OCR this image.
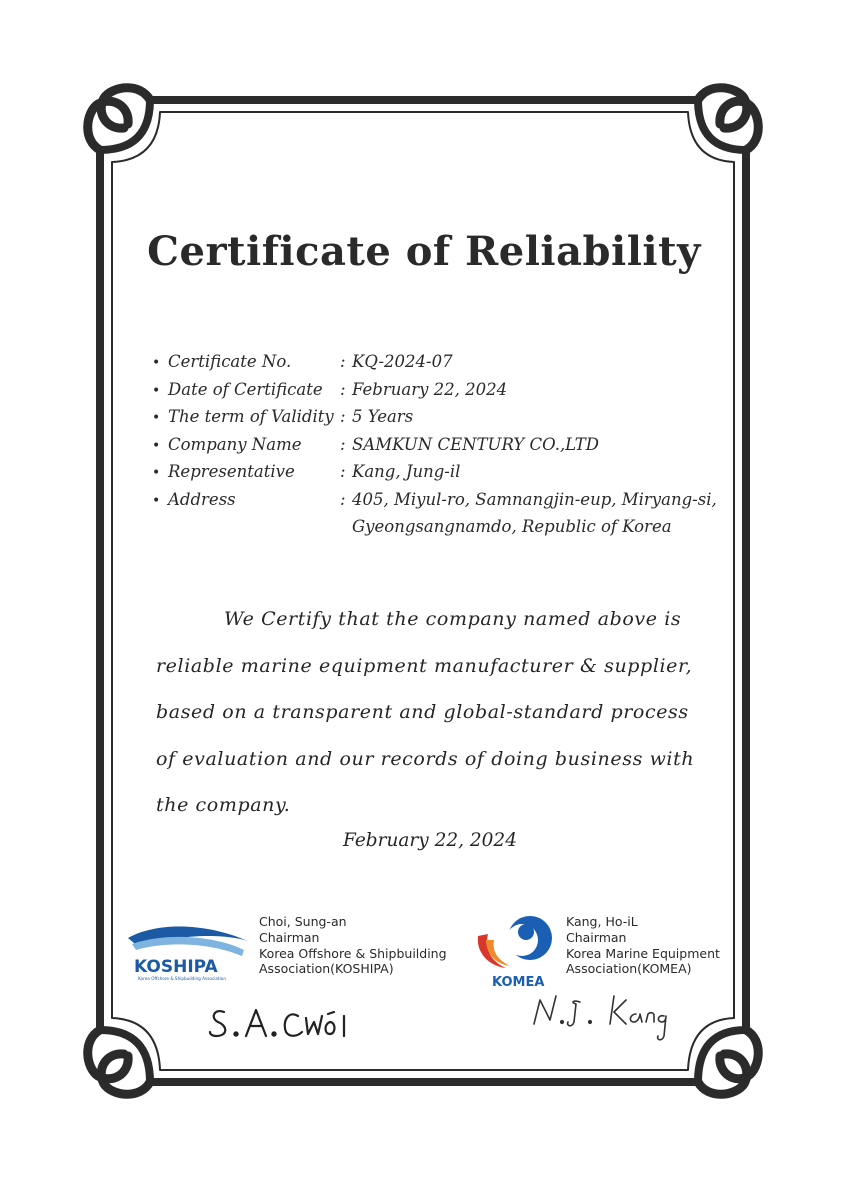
Certificate of Reliability
• Certificate No.	: KQ-2024-07
• Date of Certificate	: February 22, 2024
• The term of Validity : 5 Years
• Company Name	: SAMKUN CENTURY CO.,LTD
• Representative	: Kang, Jung-il
• Address	: 405, Miyul-ro, Samnangjin-eup, Miryang-si,
Gyeongsangnamdo, Republic of Korea
We Certify that the company named above is
reliable marine equipment manufacturer & supplier,
based on a transparent and global-standard process
of evaluation and our records of doing business with
the company.
February 22, 2024
KOSHIPA
Korea Offshore & Shipbuilding Association
Choi, Sung-an
Chairman
Korea Offshore & Shipbuilding
Association(KOSHIPA)
KOMEA
Kang, Ho-iL
Chairman
Korea Marine Equipment
Association(KOMEA)
